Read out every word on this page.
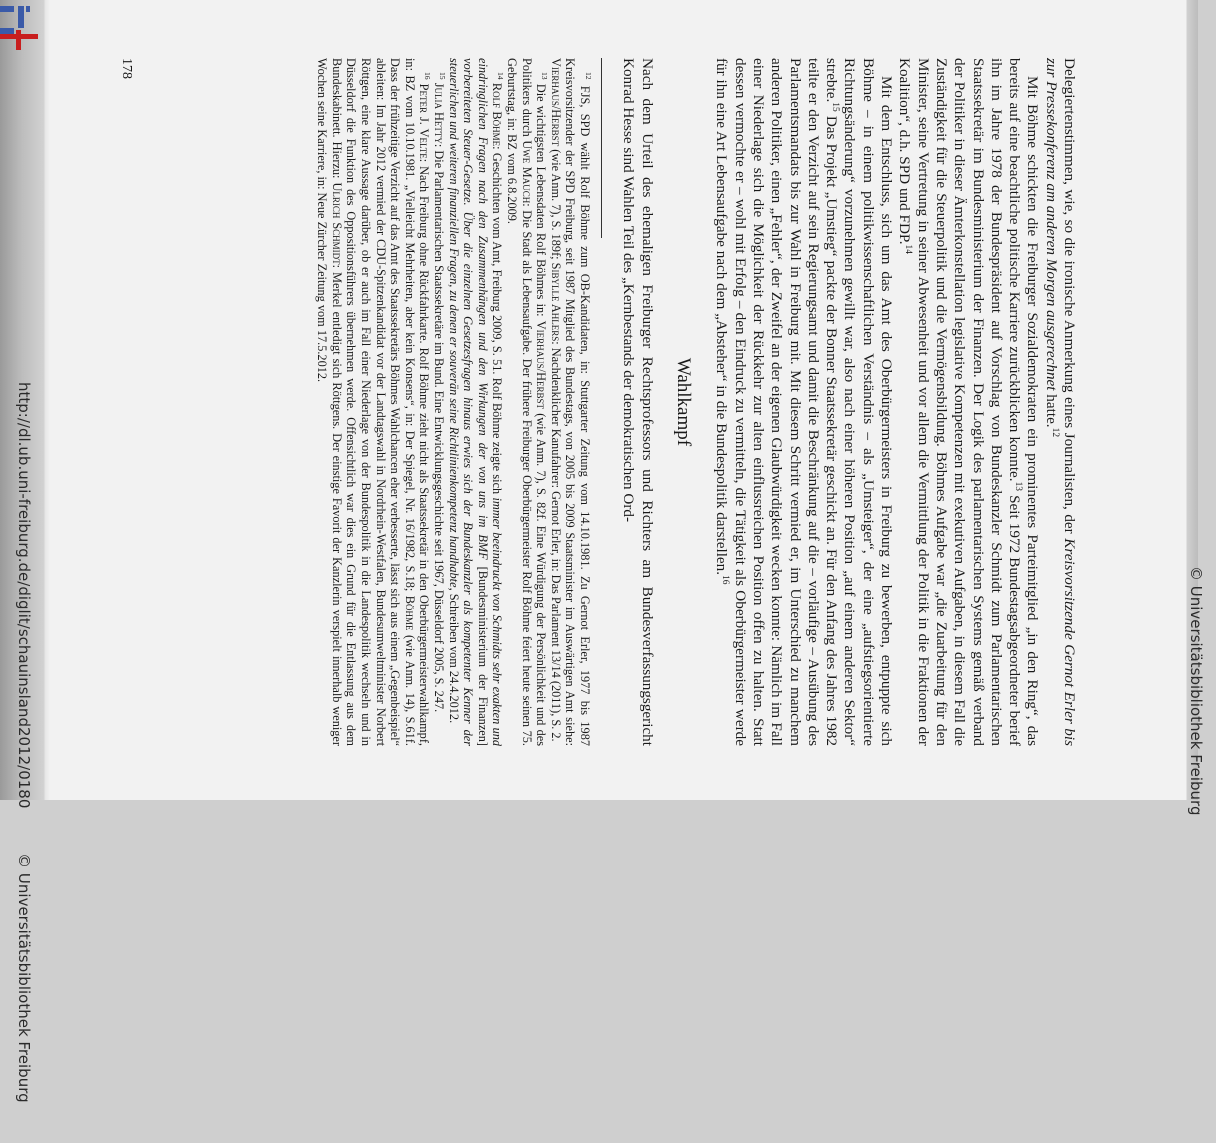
http://dl.ub.uni-freiburg.de/diglit/schauinsland2012/0180 © Universitätsbibliothek Freiburg
© Universitätsbibliothek Freiburg

Delegiertenstimmen, wie, so die ironische Anmerkung eines Journalisten, der Kreisvorsitzende Gernot Erler bis zur Pressekonferenz am anderen Morgen ausgerechnet hatte.$^{12}$

Mit Böhme schickten die Freiburger Sozialdemokraten ein prominentes Parteimitglied „in den Ring“, das bereits auf eine beachtliche politische Karriere zurückblicken konnte.$^{13}$ Seit 1972 Bundestagsabgeordneter berief ihn im Jahre 1978 der Bundespräsident auf Vorschlag von Bundeskanzler Schmidt zum Parlamentarischen Staatssekretär im Bundesministerium der Finanzen. Der Logik des parlamentarischen Systems gemäß verband der Politiker in dieser Ämterkonstellation legislative Kompetenzen mit exekutiven Aufgaben, in diesem Fall die Zuständigkeit für die Steuerpolitik und die Vermögensbildung. Böhmes Aufgabe war „die Zuarbeitung für den Minister, seine Vertretung in seiner Abwesenheit und vor allem die Vermittlung der Politik in die Fraktionen der Koalition“, d.h. SPD und FDP.$^{14}$

Mit dem Entschluss, sich um das Amt des Oberbürgermeisters in Freiburg zu bewerben, entpuppte sich Böhme – in einem politikwissenschaftlichen Verständnis – als „Umsteiger“, der eine „aufstiegsorientierte Richtungsänderung“ vorzunehmen gewillt war, also nach einer höheren Position „auf einem anderen Sektor“ strebte.$^{15}$ Das Projekt „Umstieg“ packte der Bonner Staatssekretär geschickt an. Für den Anfang des Jahres 1982 teilte er den Verzicht auf sein Regierungsamt und damit die Beschränkung auf die – vorläufige – Ausübung des Parlamentsmandats bis zur Wahl in Freiburg mit. Mit diesem Schritt vermied er, im Unterschied zu manchem anderen Politiker, einen „Fehler“, der Zweifel an der eigenen Glaubwürdigkeit wecken konnte: Nämlich im Fall einer Niederlage sich die Möglichkeit der Rückkehr zur alten einflussreichen Position offen zu halten. Statt dessen vermochte er – wohl mit Erfolg – den Eindruck zu vermitteln, die Tätigkeit als Oberbürgermeister werde für ihn eine Art Lebensaufgabe nach dem „Absteher“ in die Bundespolitik darstellen.$^{16}$

Wahlkampf

Nach dem Urteil des ehemaligen Freiburger Rechtsprofessors und Richters am Bundesverfassungsgericht Konrad Hesse sind Wahlen Teil des „Kernbestands der demokratischen Ord-

$^{12}$ FJS, SPD wählt Rolf Böhme zum OB-Kandidaten, in: Stuttgarter Zeitung vom 14.10.1981. Zu Gernot Erler, 1977 bis 1987 Kreisvorsitzender der SPD Freiburg, seit 1987 Mitglied des Bundestags, von 2005 bis 2009 Staatsminister im Auswärtigen Amt siehe: Vierhaus/Herbst (wie Anm. 7), S. 189f; Sibylle Ahlers: Nachdenklicher Kanufahrer: Gernot Erler, in: Das Parlament 13/14 (2011), S. 2.

$^{13}$ Die wichtigsten Lebensdaten Rolf Böhmes in: Vierhaus/Herbst (wie Anm. 7), S. 82f. Eine Würdigung der Persönlichkeit und des Politikers durch Uwe Mauch: Die Stadt als Lebensaufgabe. Der frühere Freiburger Oberbürgermeister Rolf Böhme feiert heute seinen 75. Geburtstag, in: BZ vom 6.8.2009.

$^{14}$ Rolf Böhme: Geschichten vom Amt, Freiburg 2009, S. 51. Rolf Böhme zeigte sich immer beeindruckt von Schmidts sehr exakten und eindringlichen Fragen nach den Zusammenhängen und den Wirkungen der von uns im BMF [Bundesministerium der Finanzen] vorbereiteten Steuer-Gesetze. Über die einzelnen Gesetzesfragen hinaus erwies sich der Bundeskanzler als kompetenter Kenner der steuerlichen und weiteren finanziellen Fragen, zu denen er souverän seine Richtlinienkompetenz handhabte, Schreiben vom 24.4.2012.

$^{15}$ Julia Hetty: Die Parlamentarischen Staatssekretäre im Bund. Eine Entwicklungsgeschichte seit 1967, Düsseldorf 2005, S. 247.

$^{16}$ Peter J. Velte: Nach Freiburg ohne Rückfahrkarte. Rolf Böhme zieht nicht als Staatssekretär in den Oberbürgermeisterwahlkampf, in: BZ vom 10.10.1981. „Vielleicht Mehrheiten, aber kein Konsens“, in: Der Spiegel, Nr. 16/1982, S.18; Böhme (wie Anm. 14), S.61f. Dass der frühzeitige Verzicht auf das Amt des Staatssekretärs Böhmes Wahlchancen eher verbesserte, lässt sich aus einem „Gegenbeispiel“ ableiten: Im Jahr 2012 vermied der CDU-Spitzenkandidat vor der Landtagswahl in Nordrhein-Westfalen, Bundesumweltminister Norbert Röttgen, eine klare Aussage darüber, ob er auch im Fall einer Niederlage von der Bundespolitik in die Landespolitik wechseln und in Düsseldorf die Funktion des Oppositionsführers übernehmen werde. Offensichtlich war dies ein Grund für die Entlassung aus dem Bundeskabinett. Hierzu: Ulrich Schmidt: Merkel entledigt sich Röttgens. Der einstige Favorit der Kanzlerin verspielt innerhalb weniger Wochen seine Karriere, in: Neue Zürcher Zeitung vom 17.5.2012.

178
